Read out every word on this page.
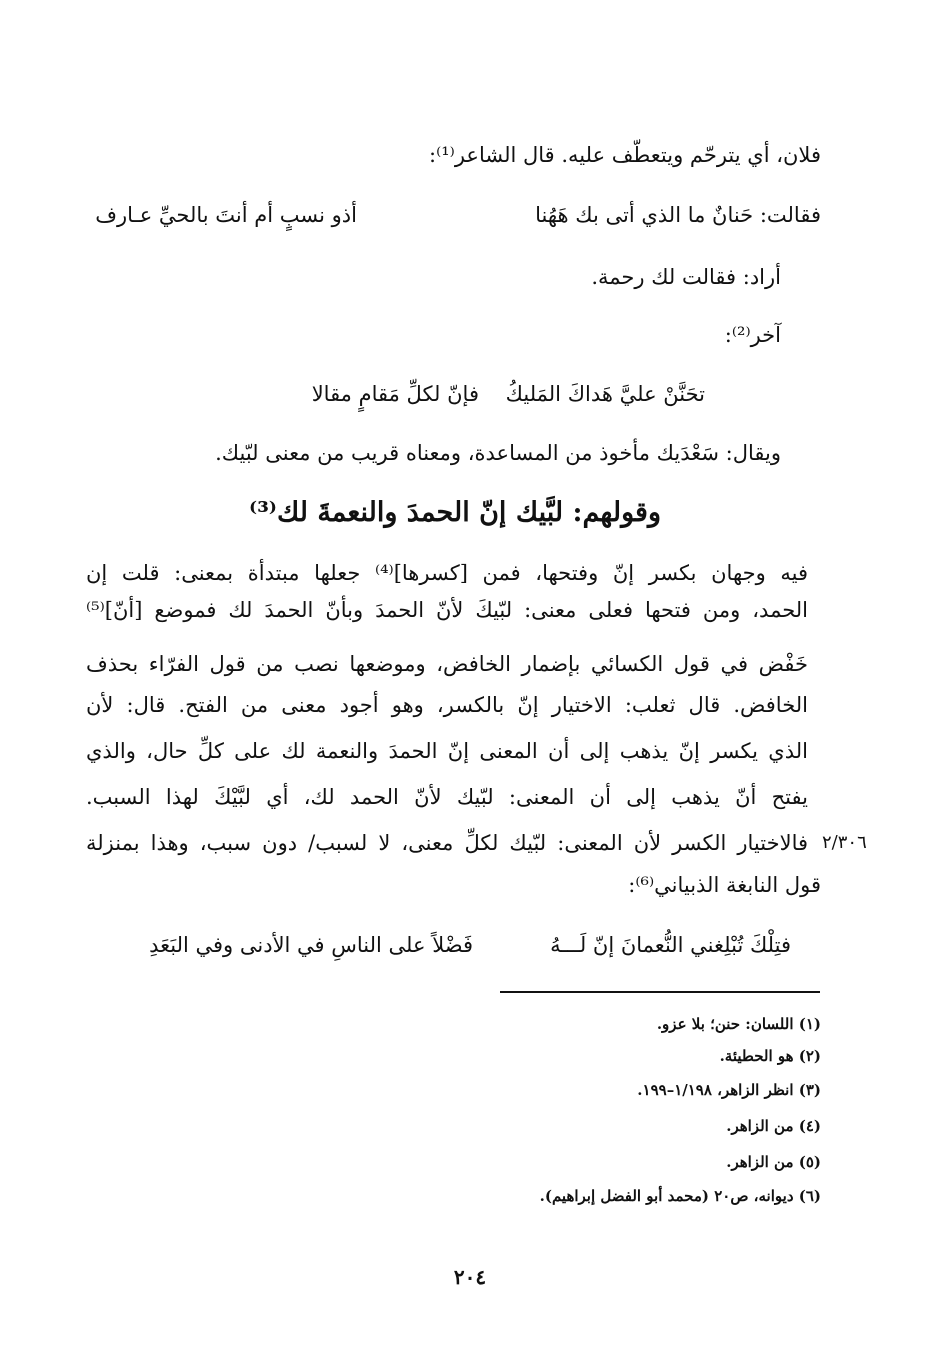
فلان، أي يترحّم ويتعطّف عليه. قال الشاعر⁽¹⁾:
فقالت: حَنانٌ ما الذي أتى بك هَهُنا
أذو نسبٍ أم أنتَ بالحيِّ عـارف
أراد: فقالت لك رحمة.
آخر⁽²⁾:
تحَنَّنْ عليَّ هَداكَ المَليكُ
فإنّ لكلِّ مَقامٍ مقالا
ويقال: سَعْدَيك مأخوذ من المساعدة، ومعناه قريب من معنى لبّيك.
وقولهم: لبَّيك إنّ الحمدَ والنعمةَ لك⁽³⁾
فيه وجهان بكسر إنّ وفتحها، فمن [كسرها]⁽⁴⁾ جعلها مبتدأة بمعنى: قلت إن
الحمد، ومن فتحها فعلى معنى: لبّيكَ لأنّ الحمدَ وبأنّ الحمدَ لك فموضع [أنّ]⁽⁵⁾
خَفْض في قول الكسائي بإضمار الخافض، وموضعها نصب من قول الفرّاء بحذف
الخافض. قال ثعلب: الاختيار إنّ بالكسر، وهو أجود معنى من الفتح. قال: لأن
الذي يكسر إنّ يذهب إلى أن المعنى إنّ الحمدَ والنعمة لك على كلِّ حال، والذي
يفتح أنّ يذهب إلى أن المعنى: لبّيك لأنّ الحمد لك، أي لبَّيْكَ لهذا السبب.
فالاختيار الكسر لأن المعنى: لبّيك لكلِّ معنى، لا لسبب/ دون سبب، وهذا بمنزلة
قول النابغة الذبياني⁽⁶⁾:
٢/٣٠٦
فتِلْكَ تُبْلِغني النُّعمانَ إنّ لَـــهُ
فَضْلاً على الناسِ في الأدنى وفي البَعَدِ
(١) اللسان: حنن؛ بلا عزو.
(٢) هو الحطيئة.
(٣) انظر الزاهر، ١/١٩٨–١٩٩.
(٤) من الزاهر.
(٥) من الزاهر.
(٦) ديوانه، ص٢٠ (محمد أبو الفضل إبراهيم).
٢٠٤
